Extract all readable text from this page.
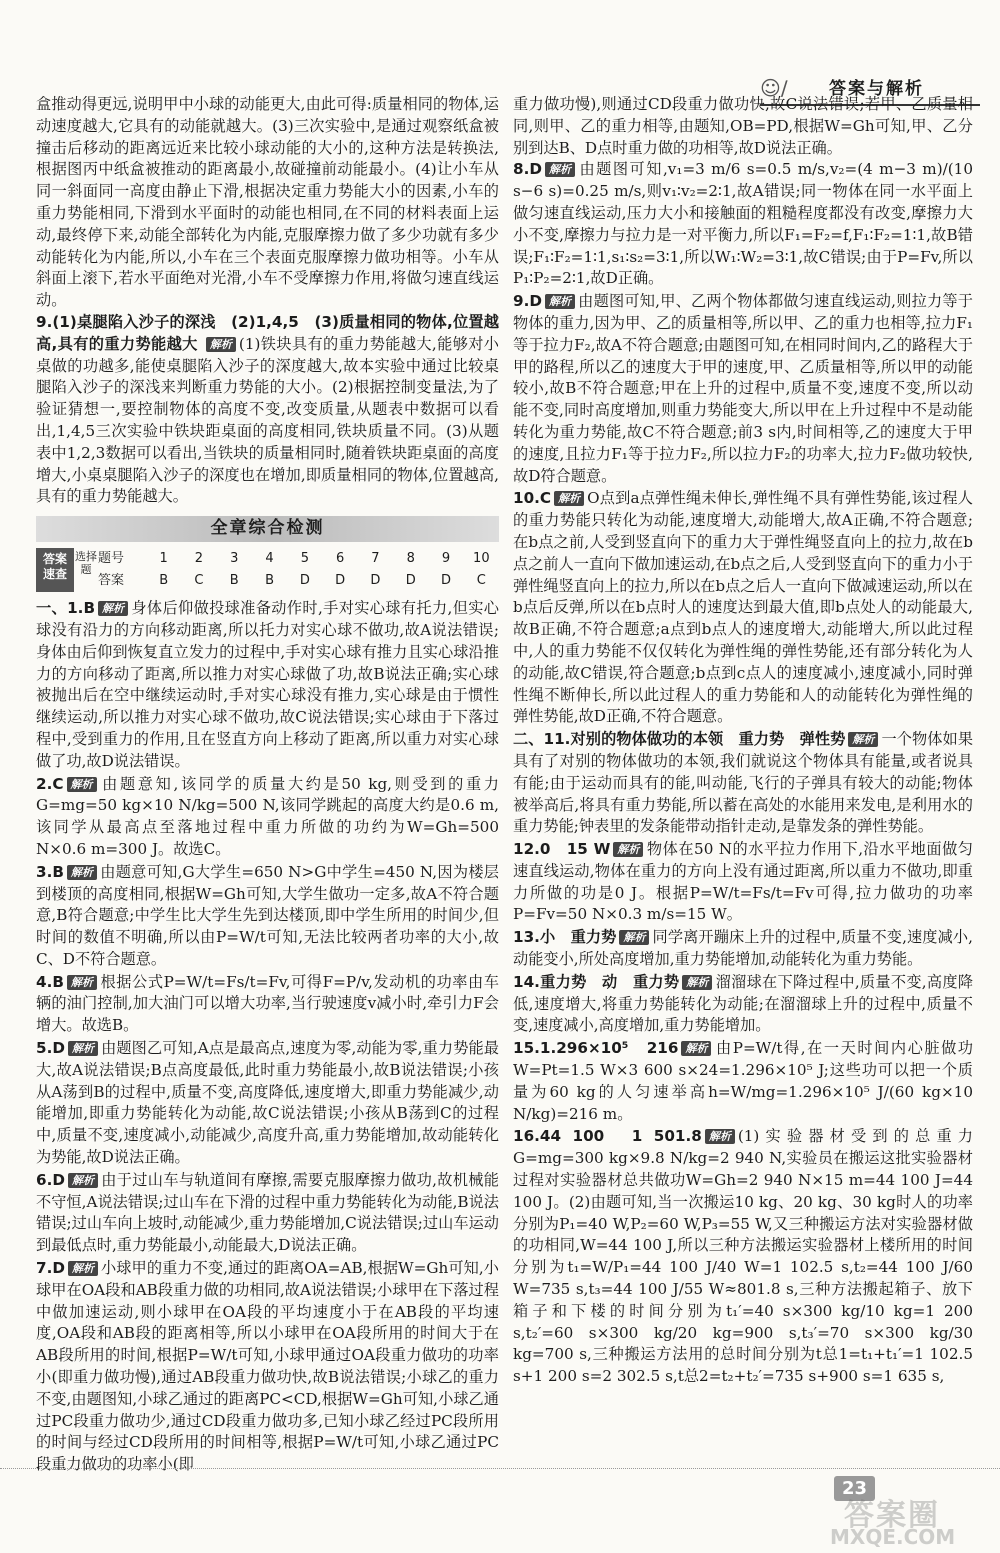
☺∕ 答案与解析

盒推动得更远,说明甲中小球的动能更大,由此可得:质量相同的物体,运动速度越大,它具有的动能就越大。(3)三次实验中,是通过观察纸盒被撞击后移动的距离远近来比较小球动能的大小的,这种方法是转换法,根据图丙中纸盒被推动的距离最小,故碰撞前动能最小。(4)让小车从同一斜面同一高度由静止下滑,根据决定重力势能大小的因素,小车的重力势能相同,下滑到水平面时的动能也相同,在不同的材料表面上运动,最终停下来,动能全部转化为内能,克服摩擦力做了多少功就有多少动能转化为内能,所以,小车在三个表面克服摩擦力做功相等。小车从斜面上滚下,若水平面绝对光滑,小车不受摩擦力作用,将做匀速直线运动。

9.(1)桌腿陷入沙子的深浅　(2)1,4,5　(3)质量相同的物体,位置越高,具有的重力势能越大 解析 (1)铁块具有的重力势能越大,能够对小桌做的功越多,能使桌腿陷入沙子的深度越大,故本实验中通过比较桌腿陷入沙子的深浅来判断重力势能的大小。(2)根据控制变量法,为了验证猜想一,要控制物体的高度不变,改变质量,从题表中数据可以看出,1,4,5三次实验中铁块距桌面的高度相同,铁块质量不同。(3)从题表中1,2,3数据可以看出,当铁块的质量相同时,随着铁块距桌面的高度增大,小桌桌腿陷入沙子的深度也在增加,即质量相同的物体,位置越高,具有的重力势能越大。

全章综合检测
答案速查
选择题
题号	1	2	3	4	5	6	7	8	9	10
答案	B	C	B	B	D	D	D	D	D	C

一、1.B 解析 身体后仰做投球准备动作时,手对实心球有托力,但实心球没有沿力的方向移动距离,所以托力对实心球不做功,故A说法错误;身体由后仰到恢复直立发力的过程中,手对实心球有推力且实心球沿推力的方向移动了距离,所以推力对实心球做了功,故B说法正确;实心球被抛出后在空中继续运动时,手对实心球没有推力,实心球是由于惯性继续运动,所以推力对实心球不做功,故C说法错误;实心球由于下落过程中,受到重力的作用,且在竖直方向上移动了距离,所以重力对实心球做了功,故D说法错误。

2.C 解析 由题意知,该同学的质量大约是50 kg,则受到的重力G=mg=50 kg×10 N/kg=500 N,该同学跳起的高度大约是0.6 m,该同学从最高点至落地过程中重力所做的功约为W=Gh=500 N×0.6 m=300 J。故选C。

3.B 解析 由题意可知,G大学生=650 N>G中学生=450 N,因为楼层到楼顶的高度相同,根据W=Gh可知,大学生做功一定多,故A不符合题意,B符合题意;中学生比大学生先到达楼顶,即中学生所用的时间少,但时间的数值不明确,所以由P=W/t可知,无法比较两者功率的大小,故C、D不符合题意。

4.B 解析 根据公式P=W/t=Fs/t=Fv,可得F=P/v,发动机的功率由车辆的油门控制,加大油门可以增大功率,当行驶速度v减小时,牵引力F会增大。故选B。

5.D 解析 由题图乙可知,A点是最高点,速度为零,动能为零,重力势能最大,故A说法错误;B点高度最低,此时重力势能最小,故B说法错误;小孩从A荡到B的过程中,质量不变,高度降低,速度增大,即重力势能减少,动能增加,即重力势能转化为动能,故C说法错误;小孩从B荡到C的过程中,质量不变,速度减小,动能减少,高度升高,重力势能增加,故动能转化为势能,故D说法正确。

6.D 解析 由于过山车与轨道间有摩擦,需要克服摩擦力做功,故机械能不守恒,A说法错误;过山车在下滑的过程中重力势能转化为动能,B说法错误;过山车向上坡时,动能减少,重力势能增加,C说法错误;过山车运动到最低点时,重力势能最小,动能最大,D说法正确。

7.D 解析 小球甲的重力不变,通过的距离OA=AB,根据W=Gh可知,小球甲在OA段和AB段重力做的功相同,故A说法错误;小球甲在下落过程中做加速运动,则小球甲在OA段的平均速度小于在AB段的平均速度,OA段和AB段的距离相等,所以小球甲在OA段所用的时间大于在AB段所用的时间,根据P=W/t可知,小球甲通过OA段重力做功的功率小(即重力做功慢),通过AB段重力做功快,故B说法错误;小球乙的重力不变,由题图知,小球乙通过的距离PC<CD,根据W=Gh可知,小球乙通过PC段重力做功少,通过CD段重力做功多,已知小球乙经过PC段所用的时间与经过CD段所用的时间相等,根据P=W/t可知,小球乙通过PC段重力做功的功率小(即

重力做功慢),则通过CD段重力做功快,故C说法错误;若甲、乙质量相同,则甲、乙的重力相等,由题知,OB=PD,根据W=Gh可知,甲、乙分别到达B、D点时重力做的功相等,故D说法正确。

8.D 解析 由题图可知,v₁=3 m/6 s=0.5 m/s,v₂=(4 m−3 m)/(10 s−6 s)=0.25 m/s,则v₁∶v₂=2∶1,故A错误;同一物体在同一水平面上做匀速直线运动,压力大小和接触面的粗糙程度都没有改变,摩擦力大小不变,摩擦力与拉力是一对平衡力,所以F₁=F₂=f,F₁∶F₂=1∶1,故B错误;F₁∶F₂=1∶1,s₁∶s₂=3∶1,所以W₁∶W₂=3∶1,故C错误;由于P=Fv,所以P₁∶P₂=2∶1,故D正确。

9.D 解析 由题图可知,甲、乙两个物体都做匀速直线运动,则拉力等于物体的重力,因为甲、乙的质量相等,所以甲、乙的重力也相等,拉力F₁等于拉力F₂,故A不符合题意;由题图可知,在相同时间内,乙的路程大于甲的路程,所以乙的速度大于甲的速度,甲、乙质量相等,所以甲的动能较小,故B不符合题意;甲在上升的过程中,质量不变,速度不变,所以动能不变,同时高度增加,则重力势能变大,所以甲在上升过程中不是动能转化为重力势能,故C不符合题意;前3 s内,时间相等,乙的速度大于甲的速度,且拉力F₁等于拉力F₂,所以拉力F₂的功率大,拉力F₂做功较快,故D符合题意。

10.C 解析 O点到a点弹性绳未伸长,弹性绳不具有弹性势能,该过程人的重力势能只转化为动能,速度增大,动能增大,故A正确,不符合题意;在b点之前,人受到竖直向下的重力大于弹性绳竖直向上的拉力,故在b点之前人一直向下做加速运动,在b点之后,人受到竖直向下的重力小于弹性绳竖直向上的拉力,所以在b点之后人一直向下做减速运动,所以在b点后反弹,所以在b点时人的速度达到最大值,即b点处人的动能最大,故B正确,不符合题意;a点到b点人的速度增大,动能增大,所以此过程中,人的重力势能不仅仅转化为弹性绳的弹性势能,还有部分转化为人的动能,故C错误,符合题意;b点到c点人的速度减小,速度减小,同时弹性绳不断伸长,所以此过程人的重力势能和人的动能转化为弹性绳的弹性势能,故D正确,不符合题意。

二、11.对别的物体做功的本领　重力势　弹性势 解析 一个物体如果具有了对别的物体做功的本领,我们就说这个物体具有能量,或者说具有能;由于运动而具有的能,叫动能,飞行的子弹具有较大的动能;物体被举高后,将具有重力势能,所以蓄在高处的水能用来发电,是利用水的重力势能;钟表里的发条能带动指针走动,是靠发条的弹性势能。

12.0　15 W 解析 物体在50 N的水平拉力作用下,沿水平地面做匀速直线运动,物体在重力的方向上没有通过距离,所以重力不做功,即重力所做的功是0 J。根据P=W/t=Fs/t=Fv可得,拉力做功的功率P=Fv=50 N×0.3 m/s=15 W。

13.小　重力势 解析 同学离开蹦床上升的过程中,质量不变,速度减小,动能变小,所处高度增加,重力势能增加,动能转化为重力势能。

14.重力势　动　重力势 解析 溜溜球在下降过程中,质量不变,高度降低,速度增大,将重力势能转化为动能;在溜溜球上升的过程中,质量不变,速度减小,高度增加,重力势能增加。

15.1.296×10⁵　216 解析 由P=W/t得,在一天时间内心脏做功W=Pt=1.5 W×3 600 s×24=1.296×10⁵ J;这些功可以把一个质量为60 kg的人匀速举高h=W/mg=1.296×10⁵ J/(60 kg×10 N/kg)=216 m。

16.44 100　1 501.8 解析 (1)实验器材受到的总重力G=mg=300 kg×9.8 N/kg=2 940 N,实验员在搬运这批实验器材过程对实验器材总共做功W=Gh=2 940 N×15 m=44 100 J=44 100 J。(2)由题可知,当一次搬运10 kg、20 kg、30 kg时人的功率分别为P₁=40 W,P₂=60 W,P₃=55 W,又三种搬运方法对实验器材做的功相同,W=44 100 J,所以三种方法搬运实验器材上楼所用的时间分别为t₁=W/P₁=44 100 J/40 W=1 102.5 s,t₂=44 100 J/60 W=735 s,t₃=44 100 J/55 W≈801.8 s,三种方法搬起箱子、放下箱子和下楼的时间分别为t₁′=40 s×300 kg/10 kg=1 200 s,t₂′=60 s×300 kg/20 kg=900 s,t₃′=70 s×300 kg/30 kg=700 s,三种搬运方法用的总时间分别为t总1=t₁+t₁′=1 102.5 s+1 200 s=2 302.5 s,t总2=t₂+t₂′=735 s+900 s=1 635 s,

23
答案圈
MXQE.COM
